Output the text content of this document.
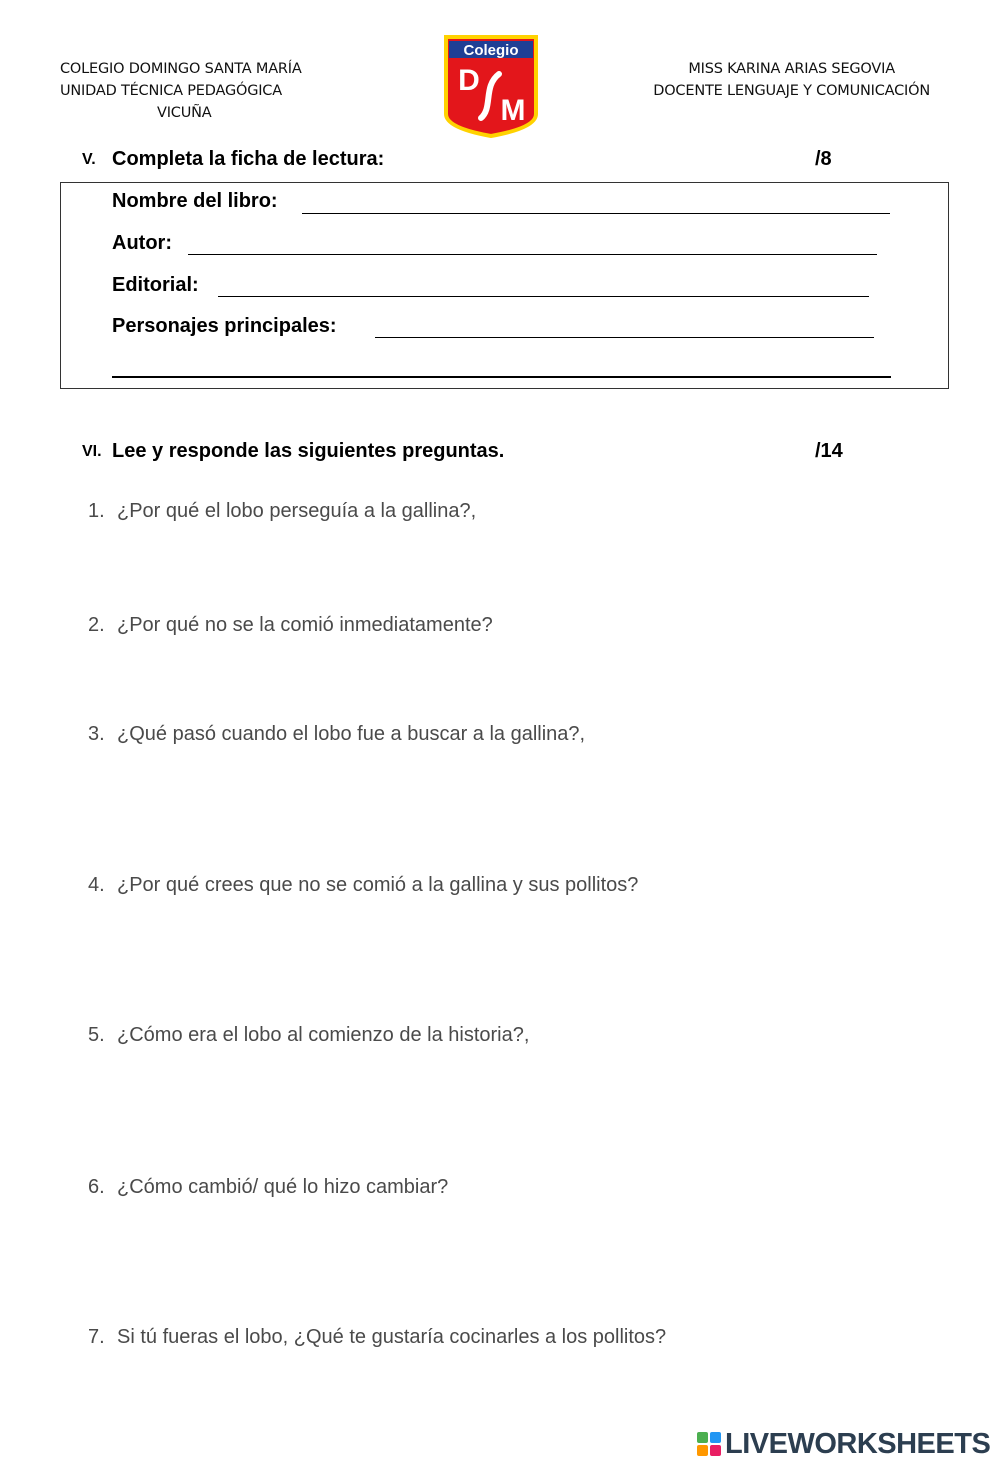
COLEGIO DOMINGO SANTA MARÍA
UNIDAD TÉCNICA PEDAGÓGICA
VICUÑA
Colegio
D
M
MISS KARINA ARIAS SEGOVIA
DOCENTE LENGUAJE Y COMUNICACIÓN
V. Completa la ficha de lectura:	/8
Nombre del libro:
Autor:
Editorial:
Personajes principales:
VI. Lee y responde las siguientes preguntas.	/14
1. ¿Por qué el lobo perseguía a la gallina?,
2. ¿Por qué no se la comió inmediatamente?
3. ¿Qué pasó cuando el lobo fue a buscar a la gallina?,
4. ¿Por qué crees que no se comió a la gallina y sus pollitos?
5. ¿Cómo era el lobo al comienzo de la historia?,
6. ¿Cómo cambió/ qué lo hizo cambiar?
7. Si tú fueras el lobo, ¿Qué te gustaría cocinarles a los pollitos?
LIVEWORKSHEETS
